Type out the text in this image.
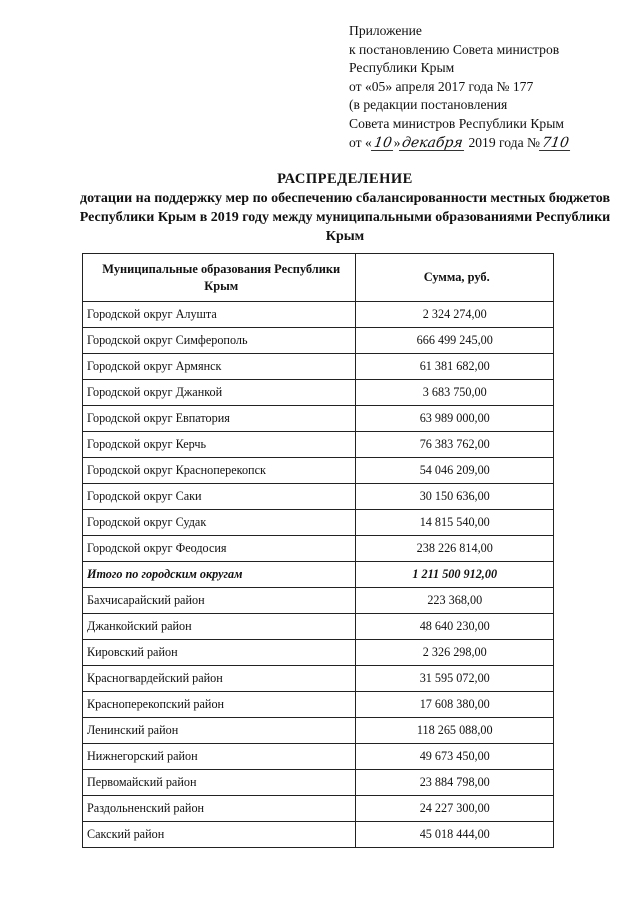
Приложение
к постановлению Совета министров
Республики Крым
от «05» апреля 2017 года № 177
(в редакции постановления
Совета министров Республики Крым
от «10»декабря 2019 года №710
РАСПРЕДЕЛЕНИЕ
дотации на поддержку мер по обеспечению сбалансированности местных бюджетов Республики Крым в 2019 году между муниципальными образованиями Республики Крым
Муниципальные образования Республики Крым	Сумма, руб.
Городской округ Алушта	2 324 274,00
Городской округ Симферополь	666 499 245,00
Городской округ Армянск	61 381 682,00
Городской округ Джанкой	3 683 750,00
Городской округ Евпатория	63 989 000,00
Городской округ Керчь	76 383 762,00
Городской округ Красноперекопск	54 046 209,00
Городской округ Саки	30 150 636,00
Городской округ Судак	14 815 540,00
Городской округ Феодосия	238 226 814,00
Итого по городским округам	1 211 500 912,00
Бахчисарайский район	223 368,00
Джанкойский район	48 640 230,00
Кировский район	2 326 298,00
Красногвардейский район	31 595 072,00
Красноперекопский район	17 608 380,00
Ленинский район	118 265 088,00
Нижнегорский район	49 673 450,00
Первомайский район	23 884 798,00
Раздольненский район	24 227 300,00
Сакский район	45 018 444,00
